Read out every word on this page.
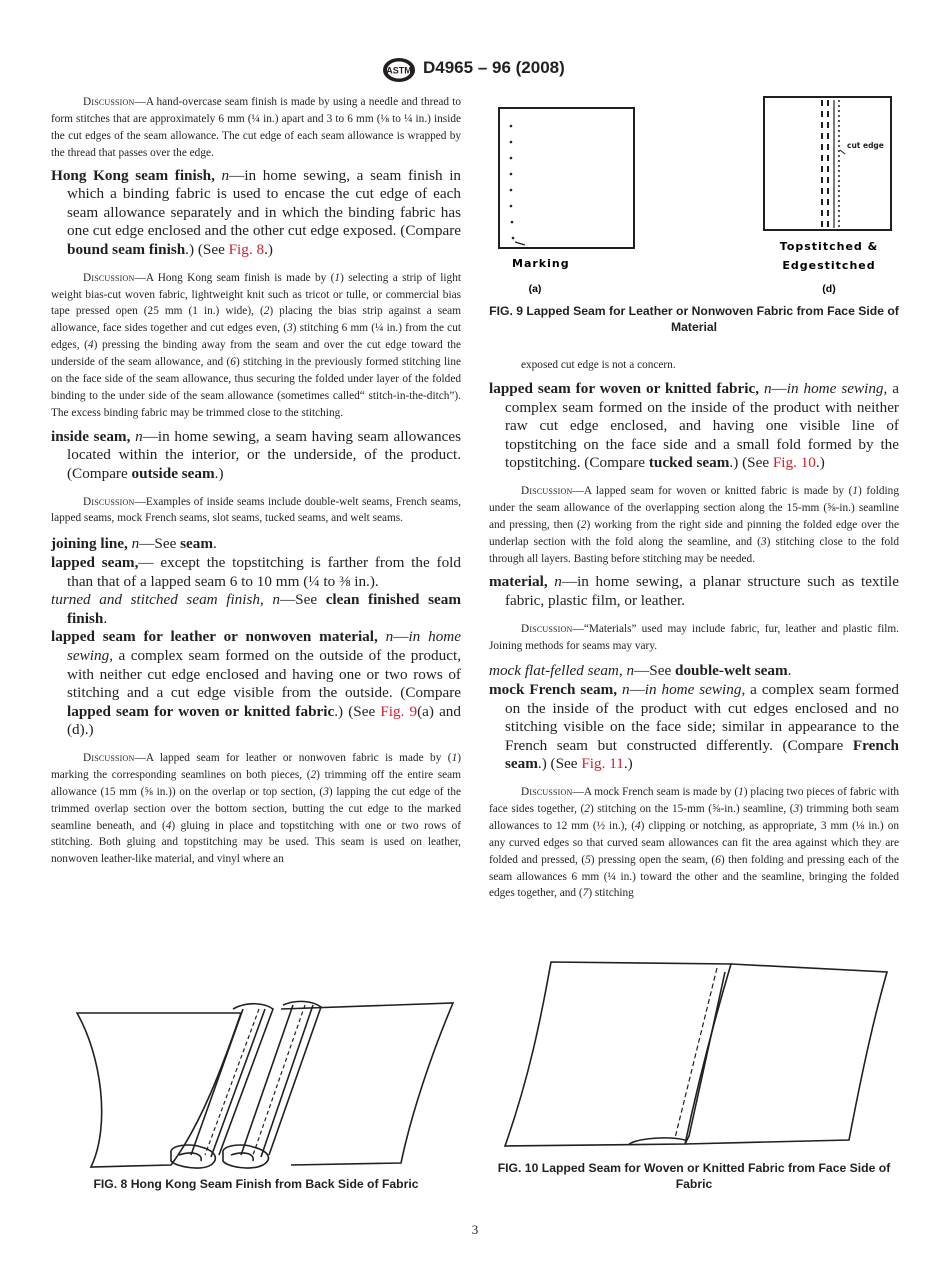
ASTM D4965 – 96 (2008)

Discussion—A hand-overcase seam finish is made by using a needle and thread to form stitches that are approximately 6 mm (¼ in.) apart and 3 to 6 mm (⅛ to ¼ in.) inside the cut edges of the seam allowance. The cut edge of each seam allowance is wrapped by the thread that passes over the edge.

Hong Kong seam finish, n—in home sewing, a seam finish in which a binding fabric is used to encase the cut edge of each seam allowance separately and in which the binding fabric has one cut edge enclosed and the other cut edge exposed. (Compare bound seam finish.) (See Fig. 8.)

Discussion—A Hong Kong seam finish is made by (1) selecting a strip of light weight bias-cut woven fabric, lightweight knit such as tricot or tulle, or commercial bias tape pressed open (25 mm (1 in.) wide), (2) placing the bias strip against a seam allowance, face sides together and cut edges even, (3) stitching 6 mm (¼ in.) from the cut edges, (4) pressing the binding away from the seam and over the cut edge toward the underside of the seam allowance, and (6) stitching in the previously formed stitching line on the face side of the seam allowance, thus securing the folded under layer of the folded binding to the under side of the seam allowance (sometimes called“ stitch-in-the-ditch”). The excess binding fabric may be trimmed close to the stitching.

inside seam, n—in home sewing, a seam having seam allowances located within the interior, or the underside, of the product. (Compare outside seam.)

Discussion—Examples of inside seams include double-welt seams, French seams, lapped seams, mock French seams, slot seams, tucked seams, and welt seams.

joining line, n—See seam.

lapped seam,— except the topstitching is farther from the fold than that of a lapped seam 6 to 10 mm (¼ to ⅜ in.).

turned and stitched seam finish, n—See clean finished seam finish.

lapped seam for leather or nonwoven material, n—in home sewing, a complex seam formed on the outside of the product, with neither cut edge enclosed and having one or two rows of stitching and a cut edge visible from the outside. (Compare lapped seam for woven or knitted fabric.) (See Fig. 9(a) and (d).)

Discussion—A lapped seam for leather or nonwoven fabric is made by (1) marking the corresponding seamlines on both pieces, (2) trimming off the entire seam allowance (15 mm (⅝ in.)) on the overlap or top section, (3) lapping the cut edge of the trimmed overlap section over the bottom section, butting the cut edge to the marked seamline beneath, and (4) gluing in place and topstitching with one or two rows of stitching. Both gluing and topstitching may be used. This seam is used on leather, nonwoven leather-like material, and vinyl where an

exposed cut edge is not a concern.

lapped seam for woven or knitted fabric, n—in home sewing, a complex seam formed on the inside of the product with neither raw cut edge enclosed, and having one visible line of topstitching on the face side and a small fold formed by the topstitching. (Compare tucked seam.) (See Fig. 10.)

Discussion—A lapped seam for woven or knitted fabric is made by (1) folding under the seam allowance of the overlapping section along the 15-mm (⅝-in.) seamline and pressing, then (2) working from the right side and pinning the folded edge over the underlap section with the fold along the seamline, and (3) stitching close to the fold through all layers. Basting before stitching may be needed.

material, n—in home sewing, a planar structure such as textile fabric, plastic film, or leather.

Discussion—“Materials” used may include fabric, fur, leather and plastic film. Joining methods for seams may vary.

mock flat-felled seam, n—See double-welt seam.

mock French seam, n—in home sewing, a complex seam formed on the inside of the product with cut edges enclosed and no stitching visible on the face side; similar in appearance to the French seam but constructed differently. (Compare French seam.) (See Fig. 11.)

Discussion—A mock French seam is made by (1) placing two pieces of fabric with face sides together, (2) stitching on the 15-mm (⅝-in.) seamline, (3) trimming both seam allowances to 12 mm (½ in.), (4) clipping or notching, as appropriate, 3 mm (⅛ in.) on any curved edges so that curved seam allowances can fit the area against which they are folded and pressed, (5) pressing open the seam, (6) then folding and pressing each of the seam allowances 6 mm (¼ in.) toward the other and the seamline, bringing the folded edges together, and (7) stitching

Marking
(a)
cut edge
Topstitched &
Edgestitched
(d)
FIG. 9 Lapped Seam for Leather or Nonwoven Fabric from Face Side of Material
FIG. 8 Hong Kong Seam Finish from Back Side of Fabric
FIG. 10 Lapped Seam for Woven or Knitted Fabric from Face Side of Fabric
3
